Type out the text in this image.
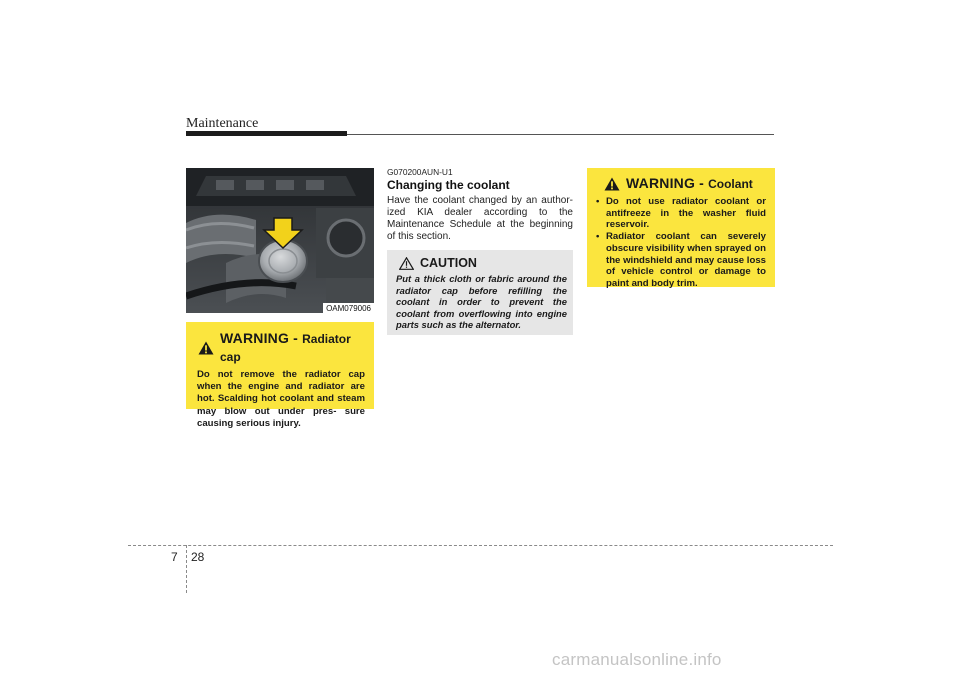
Maintenance
OAM079006
WARNING - Radiator cap
Do not remove the radiator cap when the engine and radiator are hot. Scalding hot coolant and steam may blow out under pres- sure causing serious injury.
G070200AUN-U1
Changing the coolant
Have the coolant changed by an author- ized KIA dealer according to the Maintenance Schedule at the beginning of this section.
CAUTION
Put a thick cloth or fabric around the radiator cap before refilling the coolant in order to prevent the coolant from overflowing into engine parts such as the alternator.
WARNING - Coolant
• Do not use radiator coolant or antifreeze in the washer fluid reservoir.
• Radiator coolant can severely obscure visibility when sprayed on the windshield and may cause loss of vehicle control or damage to paint and body trim.
7 28
carmanualsonline.info
